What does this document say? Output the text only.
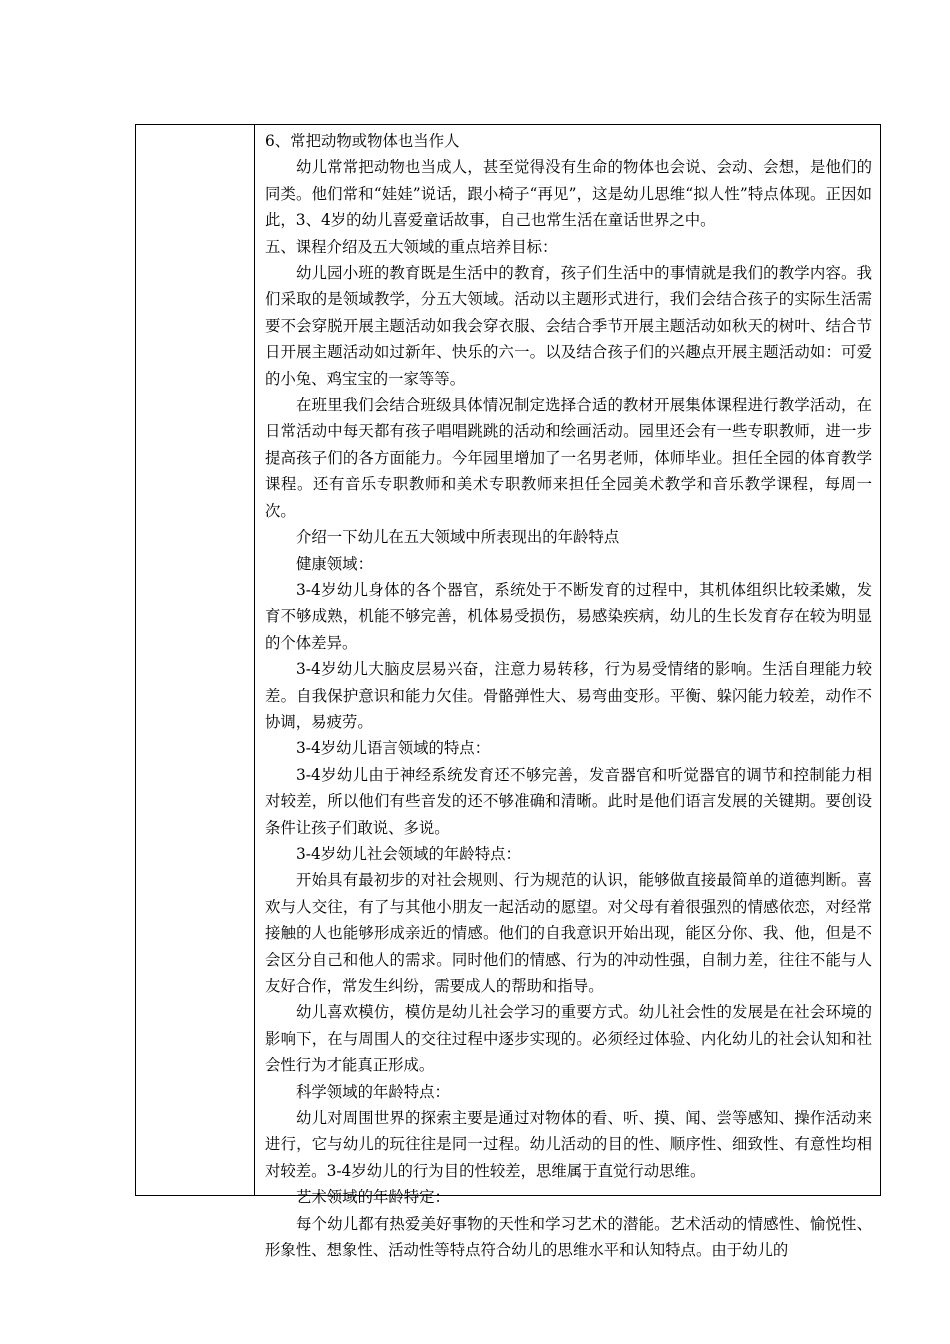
6、常把动物或物体也当作人

幼儿常常把动物也当成人，甚至觉得没有生命的物体也会说、会动、会想，是他们的同类。他们常和“娃娃”说话，跟小椅子“再见”，这是幼儿思维“拟人性”特点体现。正因如此，3、4岁的幼儿喜爱童话故事，自己也常生活在童话世界之中。

五、课程介绍及五大领域的重点培养目标：

幼儿园小班的教育既是生活中的教育，孩子们生活中的事情就是我们的教学内容。我们采取的是领域教学，分五大领域。活动以主题形式进行，我们会结合孩子的实际生活需要不会穿脱开展主题活动如我会穿衣服、会结合季节开展主题活动如秋天的树叶、结合节日开展主题活动如过新年、快乐的六一。以及结合孩子们的兴趣点开展主题活动如：可爱的小兔、鸡宝宝的一家等等。

在班里我们会结合班级具体情况制定选择合适的教材开展集体课程进行教学活动，在日常活动中每天都有孩子唱唱跳跳的活动和绘画活动。园里还会有一些专职教师，进一步提高孩子们的各方面能力。今年园里增加了一名男老师，体师毕业。担任全园的体育教学课程。还有音乐专职教师和美术专职教师来担任全园美术教学和音乐教学课程，每周一次。

介绍一下幼儿在五大领域中所表现出的年龄特点

健康领域：

3-4岁幼儿身体的各个器官，系统处于不断发育的过程中，其机体组织比较柔嫩，发育不够成熟，机能不够完善，机体易受损伤，易感染疾病，幼儿的生长发育存在较为明显的个体差异。

3-4岁幼儿大脑皮层易兴奋，注意力易转移，行为易受情绪的影响。生活自理能力较差。自我保护意识和能力欠佳。骨骼弹性大、易弯曲变形。平衡、躲闪能力较差，动作不协调，易疲劳。

3-4岁幼儿语言领域的特点：

3-4岁幼儿由于神经系统发育还不够完善，发音器官和听觉器官的调节和控制能力相对较差，所以他们有些音发的还不够准确和清晰。此时是他们语言发展的关键期。要创设条件让孩子们敢说、多说。

3-4岁幼儿社会领域的年龄特点：

开始具有最初步的对社会规则、行为规范的认识，能够做直接最简单的道德判断。喜欢与人交往，有了与其他小朋友一起活动的愿望。对父母有着很强烈的情感依恋，对经常接触的人也能够形成亲近的情感。他们的自我意识开始出现，能区分你、我、他，但是不会区分自己和他人的需求。同时他们的情感、行为的冲动性强，自制力差，往往不能与人友好合作，常发生纠纷，需要成人的帮助和指导。

幼儿喜欢模仿，模仿是幼儿社会学习的重要方式。幼儿社会性的发展是在社会环境的影响下，在与周围人的交往过程中逐步实现的。必须经过体验、内化幼儿的社会认知和社会性行为才能真正形成。

科学领域的年龄特点：

幼儿对周围世界的探索主要是通过对物体的看、听、摸、闻、尝等感知、操作活动来进行，它与幼儿的玩往往是同一过程。幼儿活动的目的性、顺序性、细致性、有意性均相对较差。3-4岁幼儿的行为目的性较差，思维属于直觉行动思维。

艺术领域的年龄特定：

每个幼儿都有热爱美好事物的天性和学习艺术的潜能。艺术活动的情感性、愉悦性、形象性、想象性、活动性等特点符合幼儿的思维水平和认知特点。由于幼儿的
